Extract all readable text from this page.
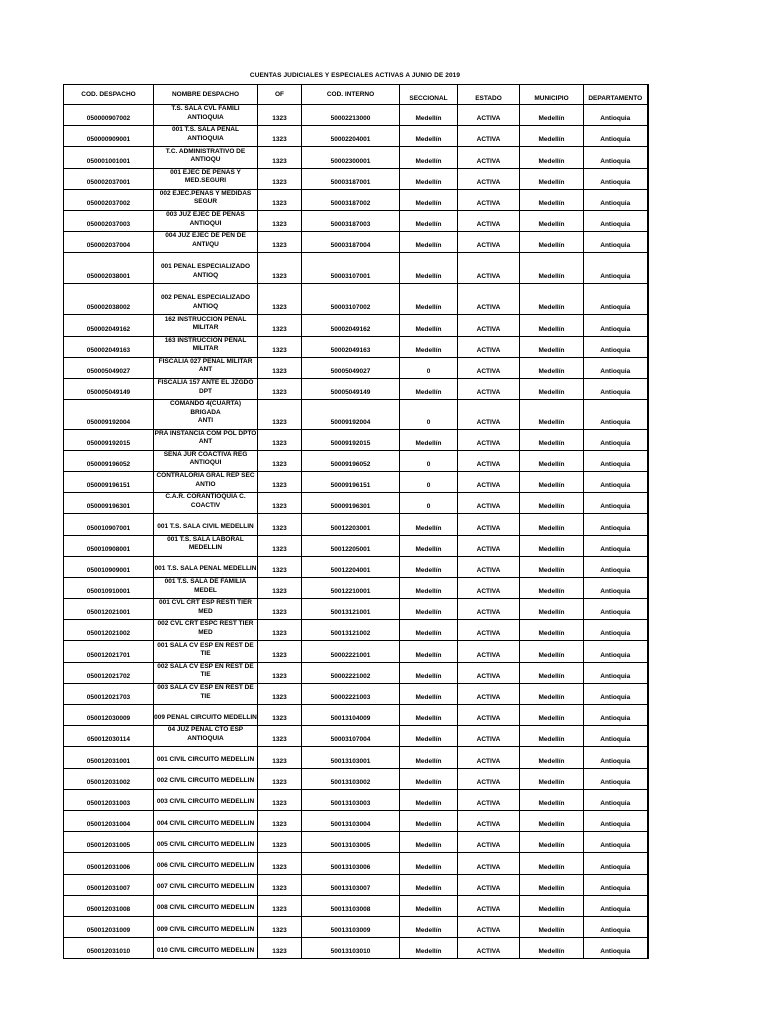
CUENTAS JUDICIALES Y ESPECIALES ACTIVAS A JUNIO DE 2019
COD. DESPACHO	NOMBRE DESPACHO	OF	COD. INTERNO	SECCIONAL	ESTADO	MUNICIPIO	DEPARTAMENTO

050000907002	T.S. SALA CVL FAMILI
ANTIOQUIA	1323	50002213000	Medellín	ACTIVA	Medellín	Antioquia

050000909001	001 T.S. SALA PENAL
ANTIOQUIA	1323	50002204001	Medellín	ACTIVA	Medellín	Antioquia

050001001001	T.C. ADMINISTRATIVO DE
ANTIOQU	1323	50002300001	Medellín	ACTIVA	Medellín	Antioquia

050002037001	001 EJEC DE PENAS Y
MED.SEGURI	1323	50003187001	Medellín	ACTIVA	Medellín	Antioquia

050002037002	002 EJEC.PENAS Y MEDIDAS
SEGUR	1323	50003187002	Medellín	ACTIVA	Medellín	Antioquia

050002037003	003 JUZ EJEC DE PENAS
ANTIOQUI	1323	50003187003	Medellín	ACTIVA	Medellín	Antioquia

050002037004	004 JUZ EJEC DE PEN DE
ANTI/QU	1323	50003187004	Medellín	ACTIVA	Medellín	Antioquia

050002038001	001 PENAL ESPECIALIZADO
ANTIOQ	1323	50003107001	Medellín	ACTIVA	Medellín	Antioquia

050002038002	002 PENAL ESPECIALIZADO
ANTIOQ	1323	50003107002	Medellín	ACTIVA	Medellín	Antioquia

050002049162	162 INSTRUCCION PENAL
MILITAR	1323	50002049162	Medellín	ACTIVA	Medellín	Antioquia

050002049163	163 INSTRUCCION PENAL
MILITAR	1323	50002049163	Medellín	ACTIVA	Medellín	Antioquia

050005049027	FISCALIA 027 PENAL MILITAR
ANT	1323	50005049027	0	ACTIVA	Medellín	Antioquia

050005049149	FISCALIA 157 ANTE EL JZGDO
DPT	1323	50005049149	Medellín	ACTIVA	Medellín	Antioquia

050009192004	COMANDO 4(CUARTA) BRIGADA
ANTI	1323	50009192004	0	ACTIVA	Medellín	Antioquia

050009192015	PRA INSTANCIA COM POL DPTO
ANT	1323	50009192015	Medellín	ACTIVA	Medellín	Antioquia

050009196052	SENA JUR COACTIVA REG
ANTIOQUI	1323	50009196052	0	ACTIVA	Medellín	Antioquia

050009196151	CONTRALORIA GRAL REP SEC
ANTIO	1323	50009196151	0	ACTIVA	Medellín	Antioquia

050009196301	C.A.R. CORANTIOQUIA C.
COACTIV	1323	50009196301	0	ACTIVA	Medellín	Antioquia

050010907001	001 T.S. SALA CIVIL MEDELLIN	1323	50012203001	Medellín	ACTIVA	Medellín	Antioquia

050010908001	001 T.S. SALA LABORAL
MEDELLIN	1323	50012205001	Medellín	ACTIVA	Medellín	Antioquia

050010909001	001 T.S. SALA PENAL MEDELLIN	1323	50012204001	Medellín	ACTIVA	Medellín	Antioquia

050010910001	001 T.S. SALA DE FAMILIA
MEDEL	1323	50012210001	Medellín	ACTIVA	Medellín	Antioquia

050012021001	001 CVL CRT ESP RESTI TIER MED	1323	50013121001	Medellín	ACTIVA	Medellín	Antioquia

050012021002	002 CVL CRT ESPC REST TIER
MED	1323	50013121002	Medellín	ACTIVA	Medellín	Antioquia

050012021701	001 SALA CV ESP EN REST DE TIE	1323	50002221001	Medellín	ACTIVA	Medellín	Antioquia

050012021702	002 SALA CV ESP EN REST DE TIE	1323	50002221002	Medellín	ACTIVA	Medellín	Antioquia

050012021703	003 SALA CV ESP EN REST DE TIE	1323	50002221003	Medellín	ACTIVA	Medellín	Antioquia

050012030009	009 PENAL CIRCUITO MEDELLIN	1323	50013104009	Medellín	ACTIVA	Medellín	Antioquia

050012030114	04 JUZ PENAL CTO ESP
ANTIOQUIA	1323	50003107004	Medellín	ACTIVA	Medellín	Antioquia

050012031001	001 CIVIL CIRCUITO MEDELLIN	1323	50013103001	Medellín	ACTIVA	Medellín	Antioquia

050012031002	002 CIVIL CIRCUITO MEDELLIN	1323	50013103002	Medellín	ACTIVA	Medellín	Antioquia

050012031003	003 CIVIL CIRCUITO MEDELLIN	1323	50013103003	Medellín	ACTIVA	Medellín	Antioquia

050012031004	004 CIVIL CIRCUITO MEDELLIN	1323	50013103004	Medellín	ACTIVA	Medellín	Antioquia

050012031005	005 CIVIL CIRCUITO MEDELLIN	1323	50013103005	Medellín	ACTIVA	Medellín	Antioquia

050012031006	006 CIVIL CIRCUITO MEDELLIN	1323	50013103006	Medellín	ACTIVA	Medellín	Antioquia

050012031007	007 CIVIL CIRCUITO MEDELLIN	1323	50013103007	Medellín	ACTIVA	Medellín	Antioquia

050012031008	008 CIVIL CIRCUITO MEDELLIN	1323	50013103008	Medellín	ACTIVA	Medellín	Antioquia

050012031009	009 CIVIL CIRCUITO MEDELLIN	1323	50013103009	Medellín	ACTIVA	Medellín	Antioquia

050012031010	010 CIVIL CIRCUITO MEDELLIN	1323	50013103010	Medellín	ACTIVA	Medellín	Antioquia
